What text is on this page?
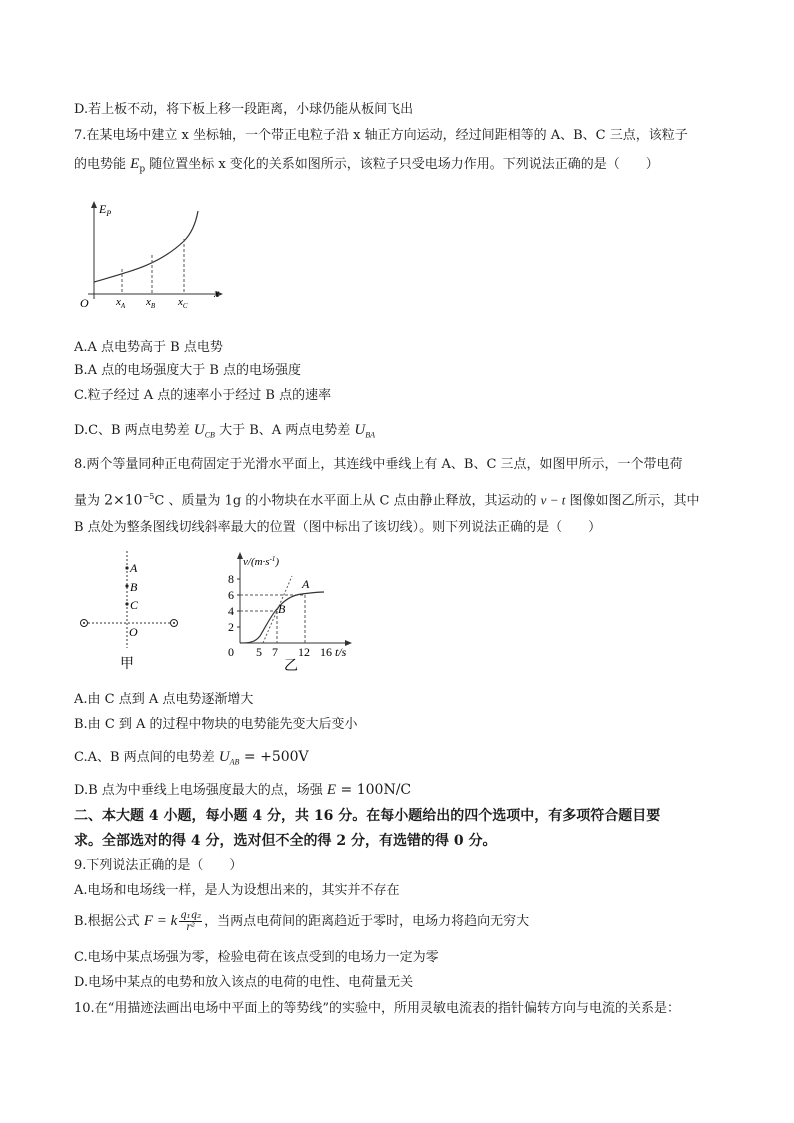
D.若上板不动，将下板上移一段距离，小球仍能从板间飞出
7.在某电场中建立 x 坐标轴，一个带正电粒子沿 x 轴正方向运动，经过间距相等的 A、B、C 三点，该粒子
的电势能 $E_p$ 随位置坐标 x 变化的关系如图所示，该粒子只受电场力作用。下列说法正确的是（　　）
$E_P$
x
O $x_A$ $x_B$ $x_C$
A.A 点电势高于 B 点电势
B.A 点的电场强度大于 B 点的电场强度
C.粒子经过 A 点的速率小于经过 B 点的速率
D.C、B 两点电势差 $U_{CB}$ 大于 B、A 两点电势差 $U_{BA}$
8.两个等量同种正电荷固定于光滑水平面上，其连线中垂线上有 A、B、C 三点，如图甲所示，一个带电荷
量为 $2\times 10^{-5}C$ 、质量为 1g 的小物块在水平面上从 C 点由静止释放，其运动的 v − t 图像如图乙所示，其中
B 点处为整条图线切线斜率最大的位置（图中标出了该切线）。则下列说法正确的是（　　）
A
B
C
O
甲
$v/(m\cdot s^{-1})$
8
6
4
2
0 5 7 12 16 t/s
A
B
乙
A.由 C 点到 A 点电势逐渐增大
B.由 C 到 A 的过程中物块的电势能先变大后变小
C.A、B 两点间的电势差 $U_{AB} = +500V$
D.B 点为中垂线上电场强度最大的点，场强 E = 100N/C
二、本大题 4 小题，每小题 4 分，共 16 分。在每小题给出的四个选项中，有多项符合题目要
求。全部选对的得 4 分，选对但不全的得 2 分，有选错的得 0 分。
9.下列说法正确的是（　　）
A.电场和电场线一样，是人为设想出来的，其实并不存在
B.根据公式 F = k $\frac{\text{q₁q₂}}{\text{r²}}$ ，当两点电荷间的距离趋近于零时，电场力将趋向无穷大
C.电场中某点场强为零，检验电荷在该点受到的电场力一定为零
D.电场中某点的电势和放入该点的电荷的电性、电荷量无关
10.在“用描迹法画出电场中平面上的等势线”的实验中，所用灵敏电流表的指针偏转方向与电流的关系是：
